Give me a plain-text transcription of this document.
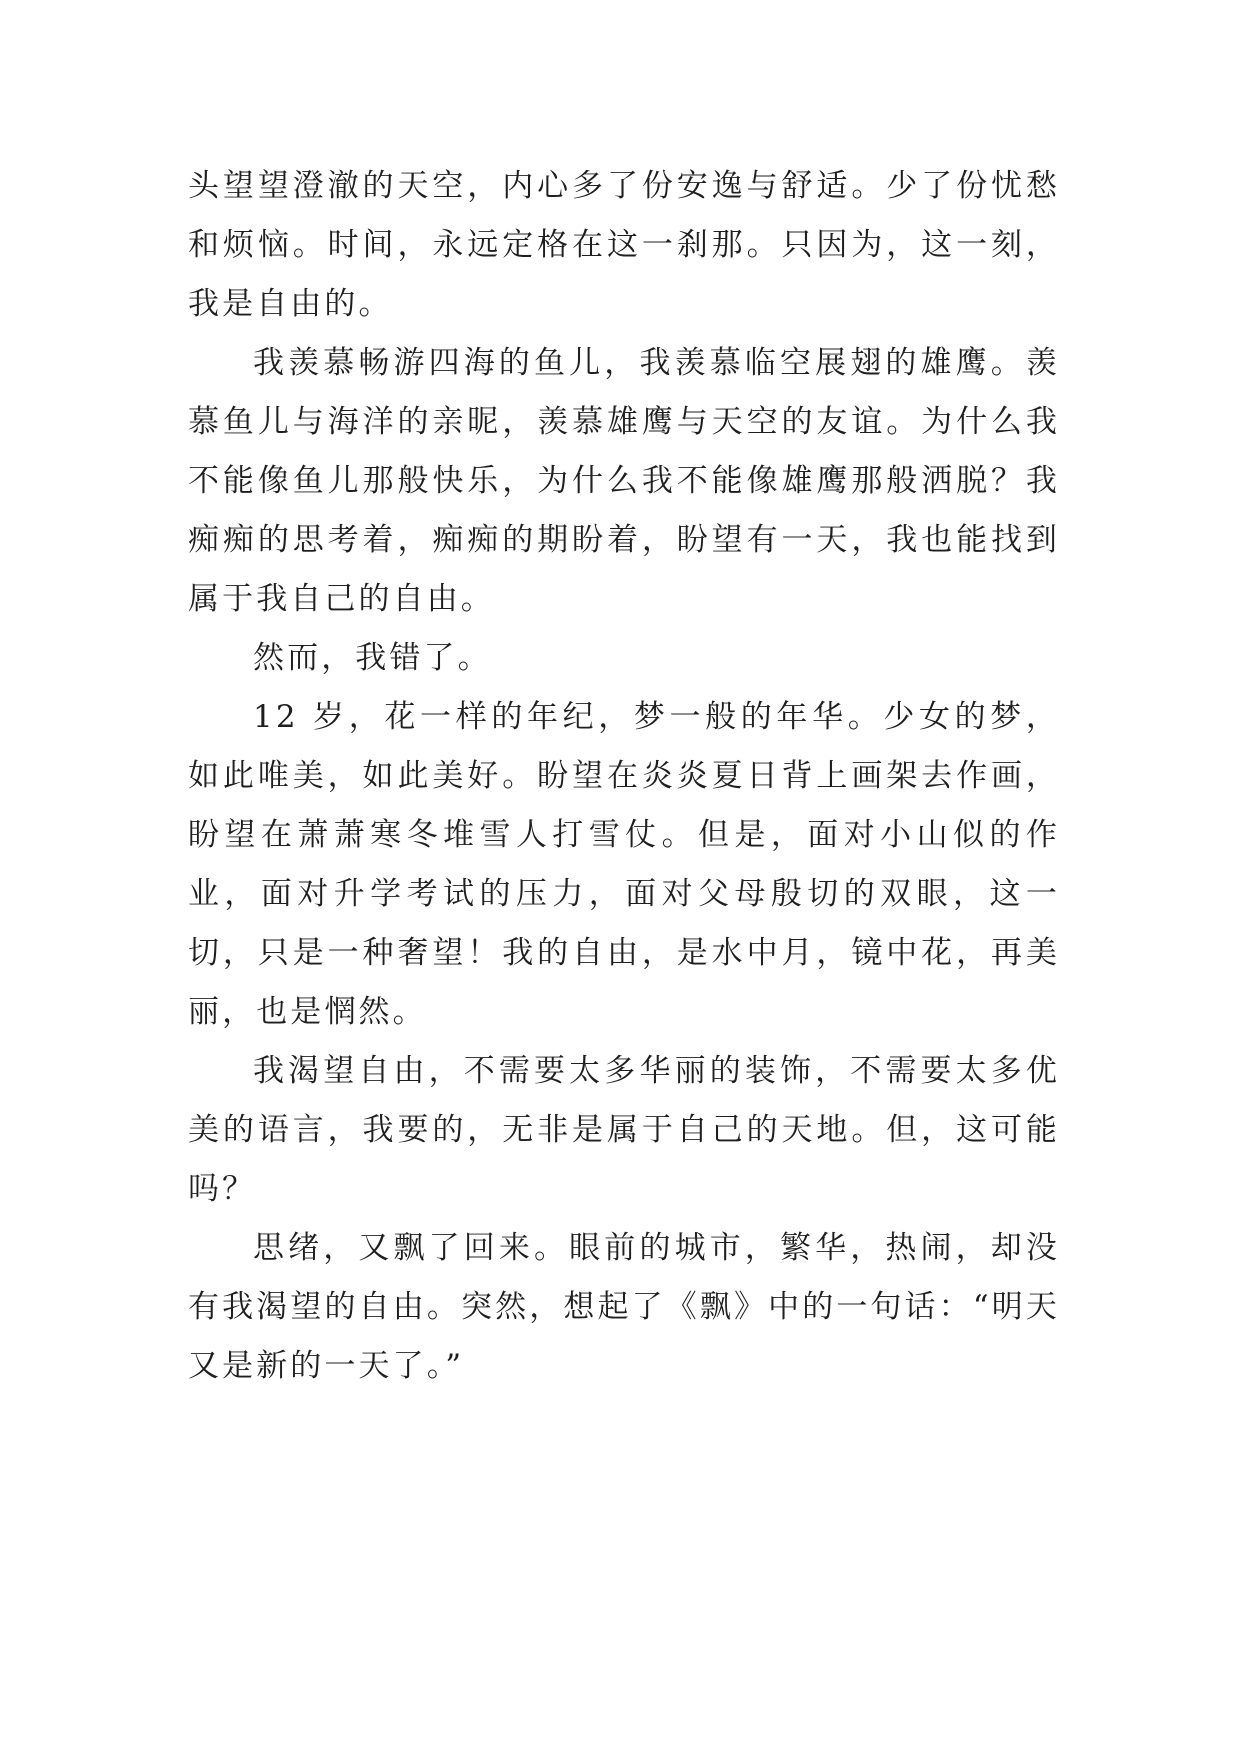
头望望澄澈的天空，内心多了份安逸与舒适。少了份忧愁和烦恼。时间，永远定格在这一刹那。只因为，这一刻，我是自由的。

我羡慕畅游四海的鱼儿，我羡慕临空展翅的雄鹰。羡慕鱼儿与海洋的亲昵，羡慕雄鹰与天空的友谊。为什么我不能像鱼儿那般快乐，为什么我不能像雄鹰那般洒脱？我痴痴的思考着，痴痴的期盼着，盼望有一天，我也能找到属于我自己的自由。

然而，我错了。

12 岁，花一样的年纪，梦一般的年华。少女的梦，如此唯美，如此美好。盼望在炎炎夏日背上画架去作画，盼望在萧萧寒冬堆雪人打雪仗。但是，面对小山似的作业，面对升学考试的压力，面对父母殷切的双眼，这一切，只是一种奢望！我的自由，是水中月，镜中花，再美丽，也是惘然。

我渴望自由，不需要太多华丽的装饰，不需要太多优美的语言，我要的，无非是属于自己的天地。但，这可能吗？

思绪，又飘了回来。眼前的城市，繁华，热闹，却没有我渴望的自由。突然，想起了《飘》中的一句话：“明天又是新的一天了。”
